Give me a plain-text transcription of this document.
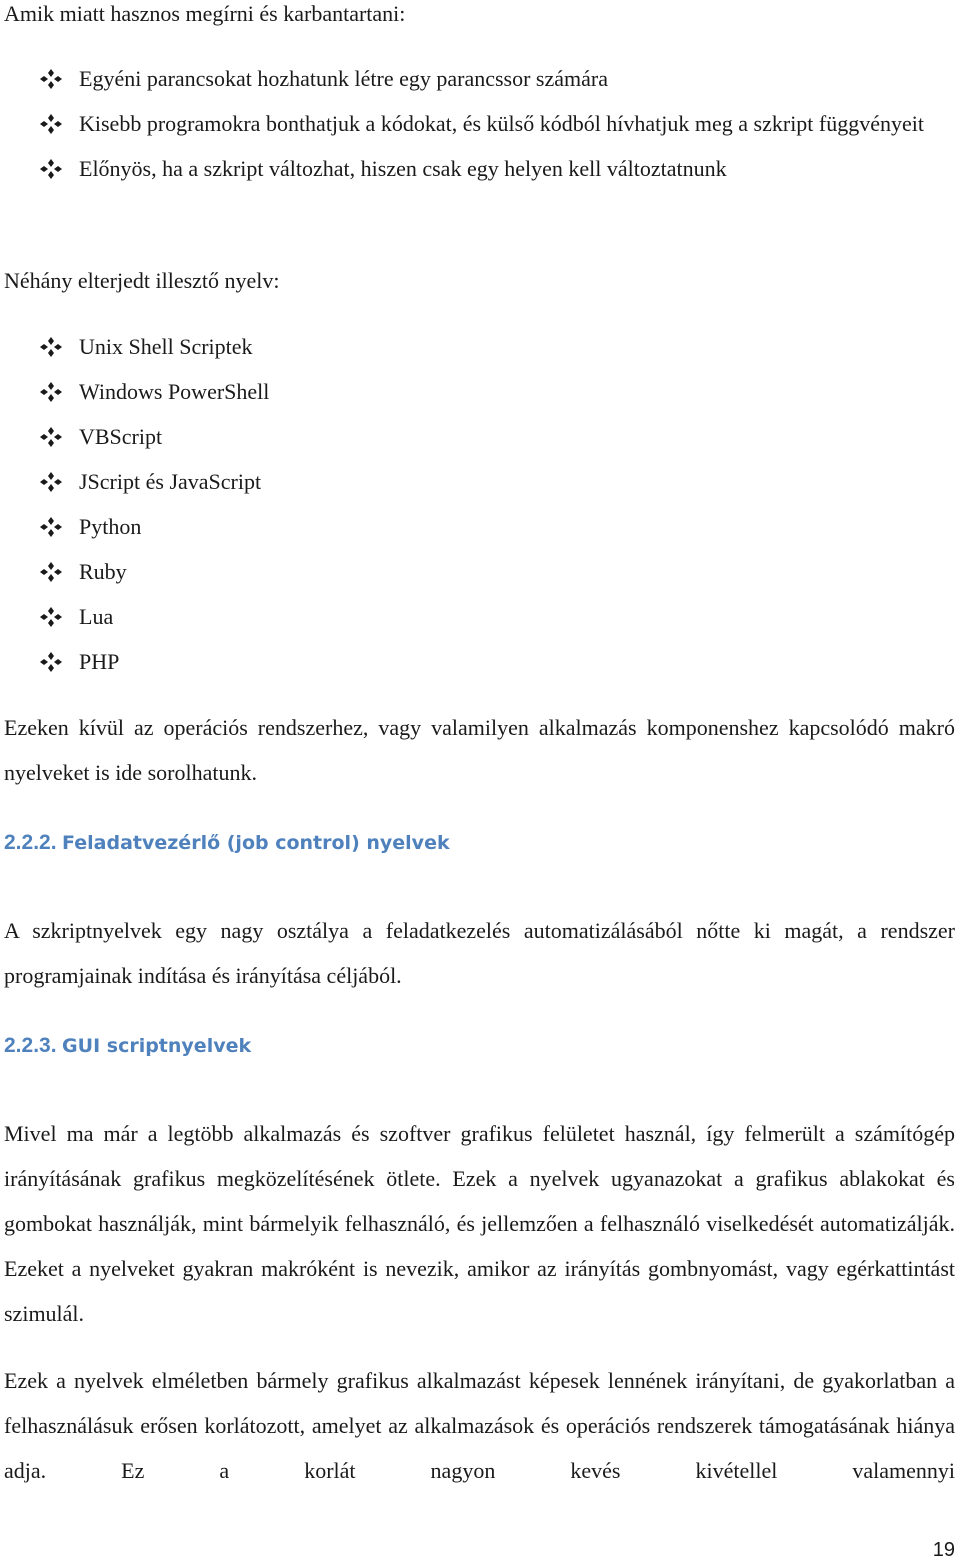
Amik miatt hasznos megírni és karbantartani:

Egyéni parancsokat hozhatunk létre egy parancssor számára
Kisebb programokra bonthatjuk a kódokat, és külső kódból hívhatjuk meg a szkript függvényeit
Előnyös, ha a szkript változhat, hiszen csak egy helyen kell változtatnunk

Néhány elterjedt illesztő nyelv:

Unix Shell Scriptek
Windows PowerShell
VBScript
JScript és JavaScript
Python
Ruby
Lua
PHP

Ezeken kívül az operációs rendszerhez, vagy valamilyen alkalmazás komponenshez kapcsolódó makró nyelveket is ide sorolhatunk.

2.2.2. Feladatvezérlő (job control) nyelvek

A szkriptnyelvek egy nagy osztálya a feladatkezelés automatizálásából nőtte ki magát, a rendszer programjainak indítása és irányítása céljából.

2.2.3. GUI scriptnyelvek

Mivel ma már a legtöbb alkalmazás és szoftver grafikus felületet használ, így felmerült a számítógép irányításának grafikus megközelítésének ötlete. Ezek a nyelvek ugyanazokat a grafikus ablakokat és gombokat használják, mint bármelyik felhasználó, és jellemzően a felhasználó viselkedését automatizálják. Ezeket a nyelveket gyakran makróként is nevezik, amikor az irányítás gombnyomást, vagy egérkattintást szimulál.

Ezek a nyelvek elméletben bármely grafikus alkalmazást képesek lennének irányítani, de gyakorlatban a felhasználásuk erősen korlátozott, amelyet az alkalmazások és operációs rendszerek támogatásának hiánya adja. Ez a korlát nagyon kevés kivétellel valamennyi

19
